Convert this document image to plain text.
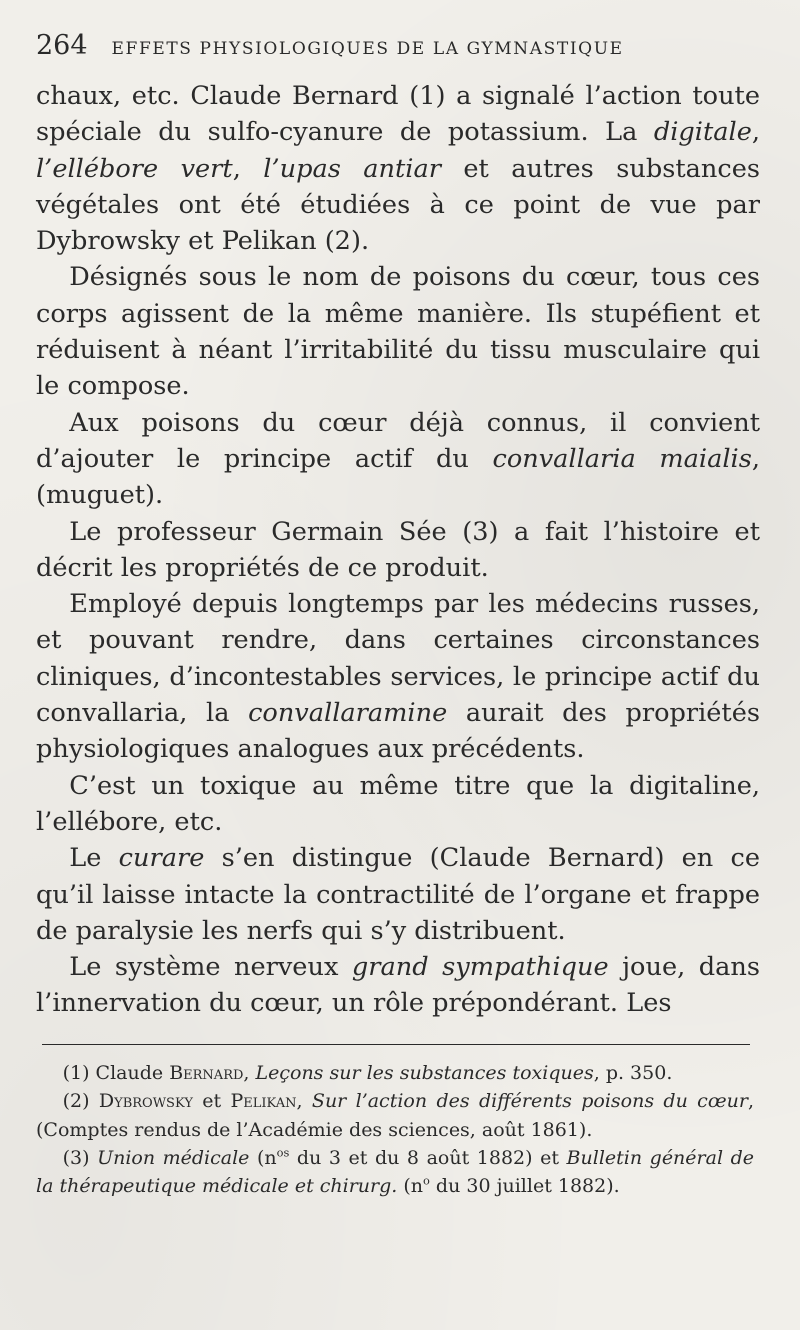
264 EFFETS PHYSIOLOGIQUES DE LA GYMNASTIQUE

chaux, etc. Claude Bernard (1) a signalé l’action toute spéciale du sulfo-cyanure de potassium. La digitale, l’ellébore vert, l’upas antiar et autres substances végétales ont été étudiées à ce point de vue par Dybrowsky et Pelikan (2).

Désignés sous le nom de poisons du cœur, tous ces corps agissent de la même manière. Ils stupéfient et réduisent à néant l’irritabilité du tissu musculaire qui le compose.

Aux poisons du cœur déjà connus, il convient d’ajouter le principe actif du convallaria maialis, (muguet).

Le professeur Germain Sée (3) a fait l’histoire et décrit les propriétés de ce produit.

Employé depuis longtemps par les médecins russes, et pouvant rendre, dans certaines circonstances cliniques, d’incontestables services, le principe actif du convallaria, la convallaramine aurait des propriétés physiologiques analogues aux précédents.

C’est un toxique au même titre que la digitaline, l’ellébore, etc.

Le curare s’en distingue (Claude Bernard) en ce qu’il laisse intacte la contractilité de l’organe et frappe de paralysie les nerfs qui s’y distribuent.

Le système nerveux grand sympathique joue, dans l’innervation du cœur, un rôle prépondérant. Les

(1) Claude Bernard, Leçons sur les substances toxiques, p. 350.

(2) Dybrowsky et Pelikan, Sur l’action des différents poisons du cœur, (Comptes rendus de l’Académie des sciences, août 1861).

(3) Union médicale ($n^{os}$ du 3 et du 8 août 1882) et Bulletin général de la thérapeutique médicale et chirurg. ($n^o$ du 30 juillet 1882).
